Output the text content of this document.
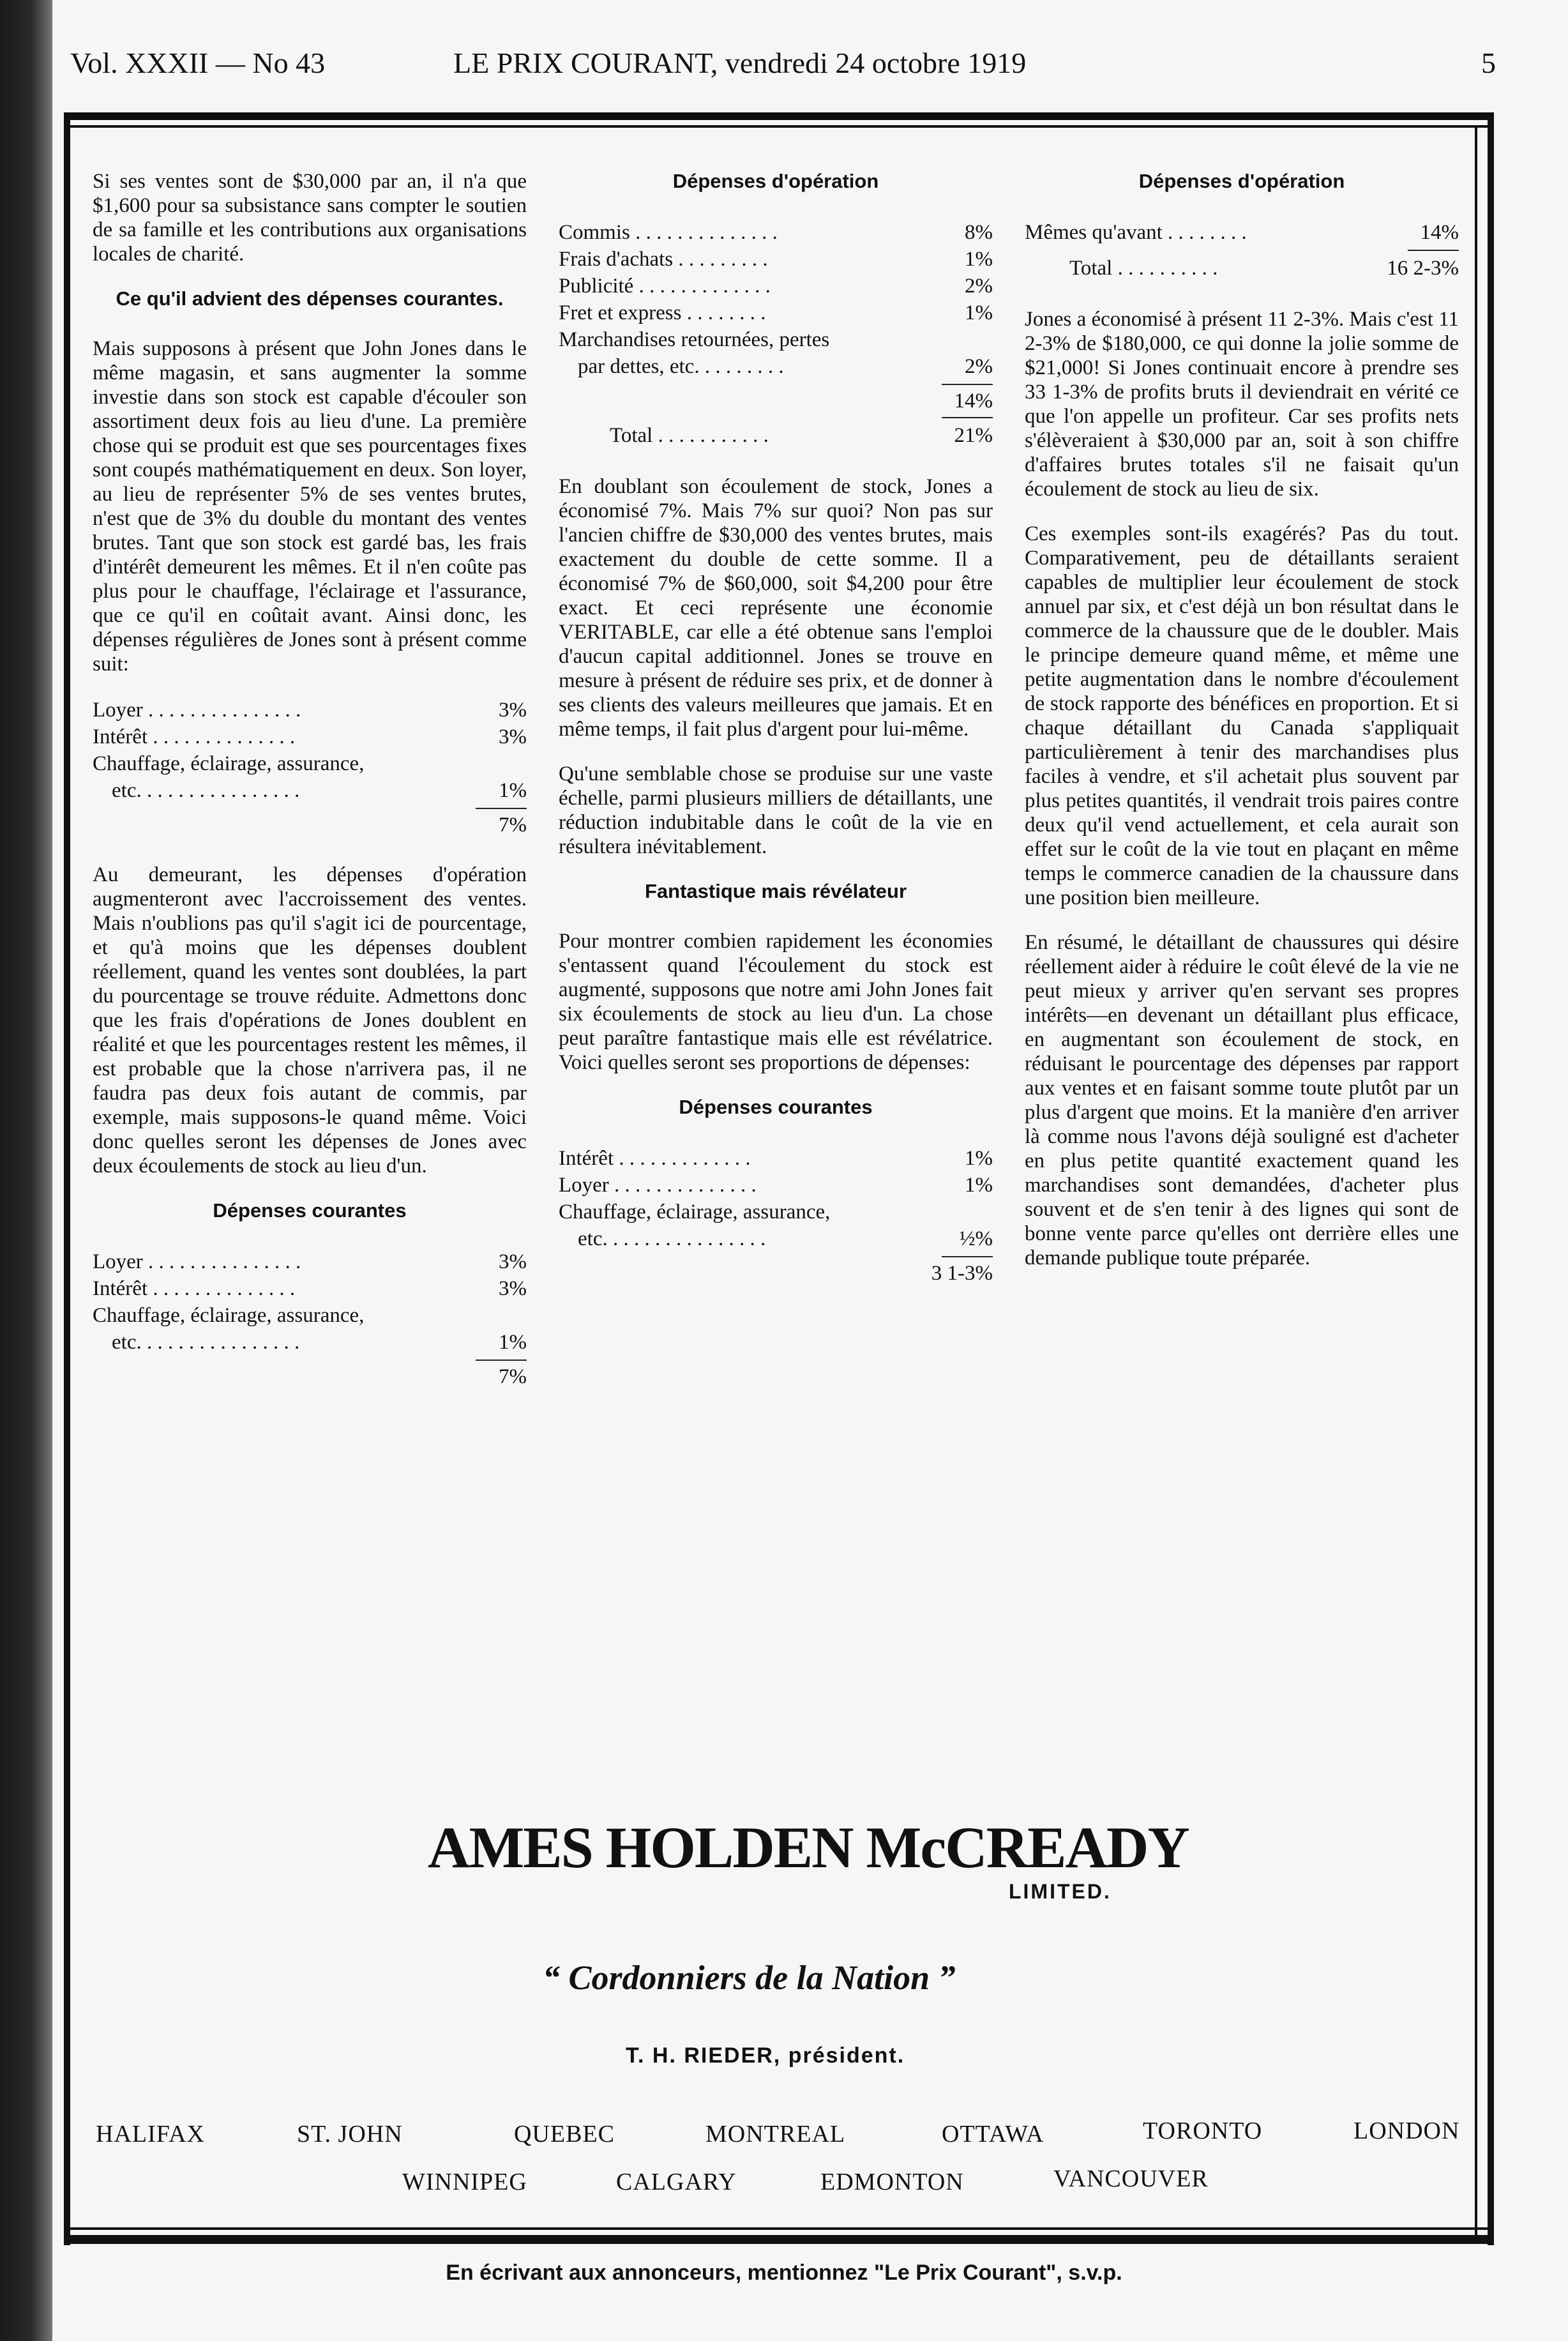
Vol. XXXII — No 43	LE PRIX COURANT, vendredi 24 octobre 1919	5

Si ses ventes sont de $30,000 par an, il n'a que $1,600 pour sa subsistance sans compter le soutien de sa famille et les contributions aux organisations locales de charité.

Ce qu'il advient des dépenses courantes.

Mais supposons à présent que John Jones dans le même magasin, et sans augmenter la somme investie dans son stock est capable d'écouler son assortiment deux fois au lieu d'une. La première chose qui se produit est que ses pourcentages fixes sont coupés mathématiquement en deux. Son loyer, au lieu de représenter 5% de ses ventes brutes, n'est que de 3% du double du montant des ventes brutes. Tant que son stock est gardé bas, les frais d'intérêt demeurent les mêmes. Et il n'en coûte pas plus pour le chauffage, l'éclairage et l'assurance, que ce qu'il en coûtait avant. Ainsi donc, les dépenses régulières de Jones sont à présent comme suit:

Loyer . . . . . . . . . . . . . . .	3%
Intérêt . . . . . . . . . . . . . .	3%
Chauffage, éclairage, assurance,	
etc. . . . . . . . . . . . . . . .	1%
7%

Au demeurant, les dépenses d'opération augmenteront avec l'accroissement des ventes. Mais n'oublions pas qu'il s'agit ici de pourcentage, et qu'à moins que les dépenses doublent réellement, quand les ventes sont doublées, la part du pourcentage se trouve réduite. Admettons donc que les frais d'opérations de Jones doublent en réalité et que les pourcentages restent les mêmes, il est probable que la chose n'arrivera pas, il ne faudra pas deux fois autant de commis, par exemple, mais supposons-le quand même. Voici donc quelles seront les dépenses de Jones avec deux écoulements de stock au lieu d'un.

Dépenses courantes
Loyer . . . . . . . . . . . . . . .	3%
Intérêt . . . . . . . . . . . . . .	3%
Chauffage, éclairage, assurance,	
etc. . . . . . . . . . . . . . . .	1%
7%
Dépenses d'opération
Commis . . . . . . . . . . . . . .	8%
Frais d'achats . . . . . . . . .	1%
Publicité . . . . . . . . . . . . .	2%
Fret et express . . . . . . . .	1%
Marchandises retournées, pertes	
par dettes, etc. . . . . . . . .	2%
14%
Total . . . . . . . . . . .	21%

En doublant son écoulement de stock, Jones a économisé 7%. Mais 7% sur quoi? Non pas sur l'ancien chiffre de $30,000 des ventes brutes, mais exactement du double de cette somme. Il a économisé 7% de $60,000, soit $4,200 pour être exact. Et ceci représente une économie VERITABLE, car elle a été obtenue sans l'emploi d'aucun capital additionnel. Jones se trouve en mesure à présent de réduire ses prix, et de donner à ses clients des valeurs meilleures que jamais. Et en même temps, il fait plus d'argent pour lui-même.

Qu'une semblable chose se produise sur une vaste échelle, parmi plusieurs milliers de détaillants, une réduction indubitable dans le coût de la vie en résultera inévitablement.

Fantastique mais révélateur

Pour montrer combien rapidement les économies s'entassent quand l'écoulement du stock est augmenté, supposons que notre ami John Jones fait six écoulements de stock au lieu d'un. La chose peut paraître fantastique mais elle est révélatrice. Voici quelles seront ses proportions de dépenses:

Dépenses courantes
Intérêt . . . . . . . . . . . . .	1%
Loyer . . . . . . . . . . . . . .	1%
Chauffage, éclairage, assurance,	
etc. . . . . . . . . . . . . . . .	½%
3 1-3%
Dépenses d'opération
Mêmes qu'avant . . . . . . . .	14%
Total . . . . . . . . . .	16 2-3%

Jones a économisé à présent 11 2-3%. Mais c'est 11 2-3% de $180,000, ce qui donne la jolie somme de $21,000! Si Jones continuait encore à prendre ses 33 1-3% de profits bruts il deviendrait en vérité ce que l'on appelle un profiteur. Car ses profits nets s'élèveraient à $30,000 par an, soit à son chiffre d'affaires brutes totales s'il ne faisait qu'un écoulement de stock au lieu de six.

Ces exemples sont-ils exagérés? Pas du tout. Comparativement, peu de détaillants seraient capables de multiplier leur écoulement de stock annuel par six, et c'est déjà un bon résultat dans le commerce de la chaussure que de le doubler. Mais le principe demeure quand même, et même une petite augmentation dans le nombre d'écoulement de stock rapporte des bénéfices en proportion. Et si chaque détaillant du Canada s'appliquait particulièrement à tenir des marchandises plus faciles à vendre, et s'il achetait plus souvent par plus petites quantités, il vendrait trois paires contre deux qu'il vend actuellement, et cela aurait son effet sur le coût de la vie tout en plaçant en même temps le commerce canadien de la chaussure dans une position bien meilleure.

En résumé, le détaillant de chaussures qui désire réellement aider à réduire le coût élevé de la vie ne peut mieux y arriver qu'en servant ses propres intérêts—en devenant un détaillant plus efficace, en augmentant son écoulement de stock, en réduisant le pourcentage des dépenses par rapport aux ventes et en faisant somme toute plutôt par un plus d'argent que moins. Et la manière d'en arriver là comme nous l'avons déjà souligné est d'acheter en plus petite quantité exactement quand les marchandises sont demandées, d'acheter plus souvent et de s'en tenir à des lignes qui sont de bonne vente parce qu'elles ont derrière elles une demande publique toute préparée.

AMES HOLDEN McCREADY
LIMITED.
“ Cordonniers de la Nation ”
T. H. RIEDER, président.
HALIFAX	ST. JOHN	QUEBEC	MONTREAL	OTTAWA	TORONTO	LONDON
WINNIPEG	CALGARY	EDMONTON	VANCOUVER
En écrivant aux annonceurs, mentionnez "Le Prix Courant", s.v.p.
